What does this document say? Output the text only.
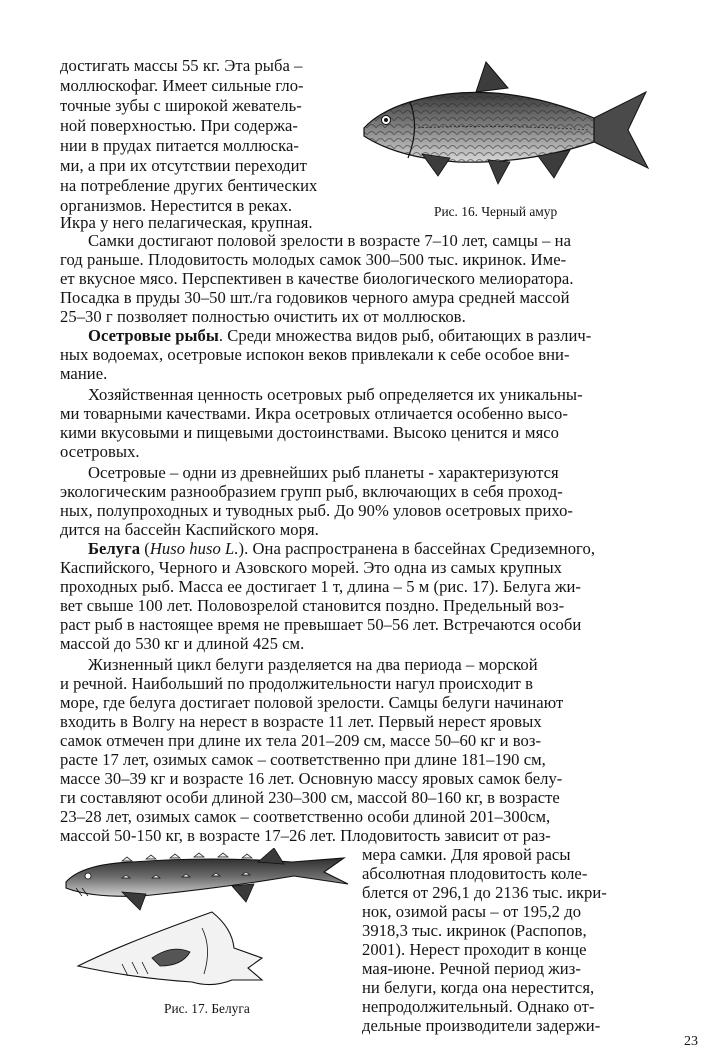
Рис. 16. Черный амур

достигать массы 55 кг. Эта рыба –

моллюскофаг. Имеет сильные гло-

точные зубы с широкой жеватель-

ной поверхностью. При содержа-

нии в прудах питается моллюска-

ми, а при их отсутствии переходит

на потребление других бентических

организмов. Нерестится в реках.

Икра у него пелагическая, крупная.

Самки достигают половой зрелости в возрасте 7–10 лет, самцы – на

год раньше. Плодовитость молодых самок 300–500 тыс. икринок. Име-

ет вкусное мясо. Перспективен в качестве биологического мелиоратора.

Посадка в пруды 30–50 шт./га годовиков черного амура средней массой

25–30 г позволяет полностью очистить их от моллюсков.

Осетровые рыбы. Среди множества видов рыб, обитающих в различ-

ных водоемах, осетровые испокон веков привлекали к себе особое вни-

мание.

Хозяйственная ценность осетровых рыб определяется их уникальны-

ми товарными качествами. Икра осетровых отличается особенно высо-

кими вкусовыми и пищевыми достоинствами. Высоко ценится и мясо

осетровых.

Осетровые – одни из древнейших рыб планеты - характеризуются

экологическим разнообразием групп рыб, включающих в себя проход-

ных, полупроходных и туводных рыб. До 90% уловов осетровых прихо-

дится на бассейн Каспийского моря.

Белуга (Huso huso L.). Она распространена в бассейнах Средиземного,

Каспийского, Черного и Азовского морей. Это одна из самых крупных

проходных рыб. Масса ее достигает 1 т, длина – 5 м (рис. 17). Белуга жи-

вет свыше 100 лет. Половозрелой становится поздно. Предельный воз-

раст рыб в настоящее время не превышает 50–56 лет. Встречаются особи

массой до 530 кг и длиной 425 см.

Жизненный цикл белуги разделяется на два периода – морской

и речной. Наибольший по продолжительности нагул происходит в

море, где белуга достигает половой зрелости. Самцы белуги начинают

входить в Волгу на нерест в возрасте 11 лет. Первый нерест яровых

самок отмечен при длине их тела 201–209 см, массе 50–60 кг и воз-

расте 17 лет, озимых самок – соответственно при длине 181–190 см,

массе 30–39 кг и возрасте 16 лет. Основную массу яровых самок белу-

ги составляют особи длиной 230–300 см, массой 80–160 кг, в возрасте

23–28 лет, озимых самок – соответственно особи длиной 201–300см,

массой 50-150 кг, в возрасте 17–26 лет. Плодовитость зависит от раз-

Рис. 17. Белуга

мера самки. Для яровой расы

абсолютная плодовитость коле-

блется от 296,1 до 2136 тыс. икри-

нок, озимой расы – от 195,2 до

3918,3 тыс. икринок (Распопов,

2001). Нерест проходит в конце

мая-июне. Речной период жиз-

ни белуги, когда она нерестится,

непродолжительный. Однако от-

дельные производители задержи-

23
